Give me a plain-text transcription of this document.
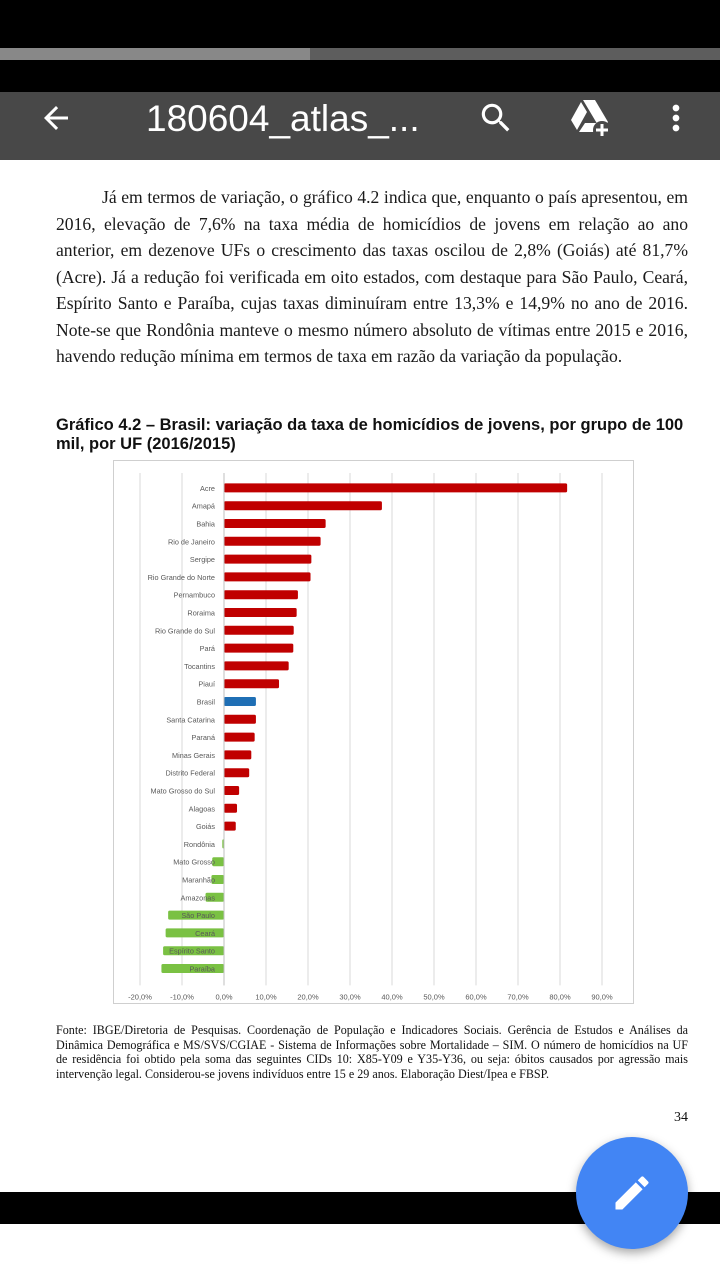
180604_atlas_...

Já em termos de variação, o gráfico 4.2 indica que, enquanto o país apresentou, em 2016, elevação de 7,6% na taxa média de homicídios de jovens em relação ao ano anterior, em dezenove UFs o crescimento das taxas oscilou de 2,8% (Goiás) até 81,7% (Acre). Já a redução foi verificada em oito estados, com destaque para São Paulo, Ceará, Espírito Santo e Paraíba, cujas taxas diminuíram entre 13,3% e 14,9% no ano de 2016. Note-se que Rondônia manteve o mesmo número absoluto de vítimas entre 2015 e 2016, havendo redução mínima em termos de taxa em razão da variação da população.

Gráfico 4.2 – Brasil: variação da taxa de homicídios de jovens, por grupo de 100 mil, por UF (2016/2015)

-20,0% -10,0%	0,0%	10,0%	20,0%	30,0%	40,0%	50,0%	60,0%	70,0%	80,0%	90,0%
Acre
Amapá
Bahia
Rio de Janeiro
Sergipe
Rio Grande do Norte
Pernambuco
Roraima
Rio Grande do Sul
Pará
Tocantins
Piauí
Brasil
Santa Catarina
Paraná
Minas Gerais
Distrito Federal
Mato Grosso do Sul
Alagoas
Goiás
Rondônia
Mato Grosso
Maranhão
Amazonas
São Paulo
Ceará
Espírito Santo
Paraíba

Fonte: IBGE/Diretoria de Pesquisas. Coordenação de População e Indicadores Sociais. Gerência de Estudos e Análises da Dinâmica Demográfica e MS/SVS/CGIAE - Sistema de Informações sobre Mortalidade – SIM. O número de homicídios na UF de residência foi obtido pela soma das seguintes CIDs 10: X85-Y09 e Y35-Y36, ou seja: óbitos causados por agressão mais intervenção legal. Considerou-se jovens indivíduos entre 15 e 29 anos. Elaboração Diest/Ipea e FBSP.

34
